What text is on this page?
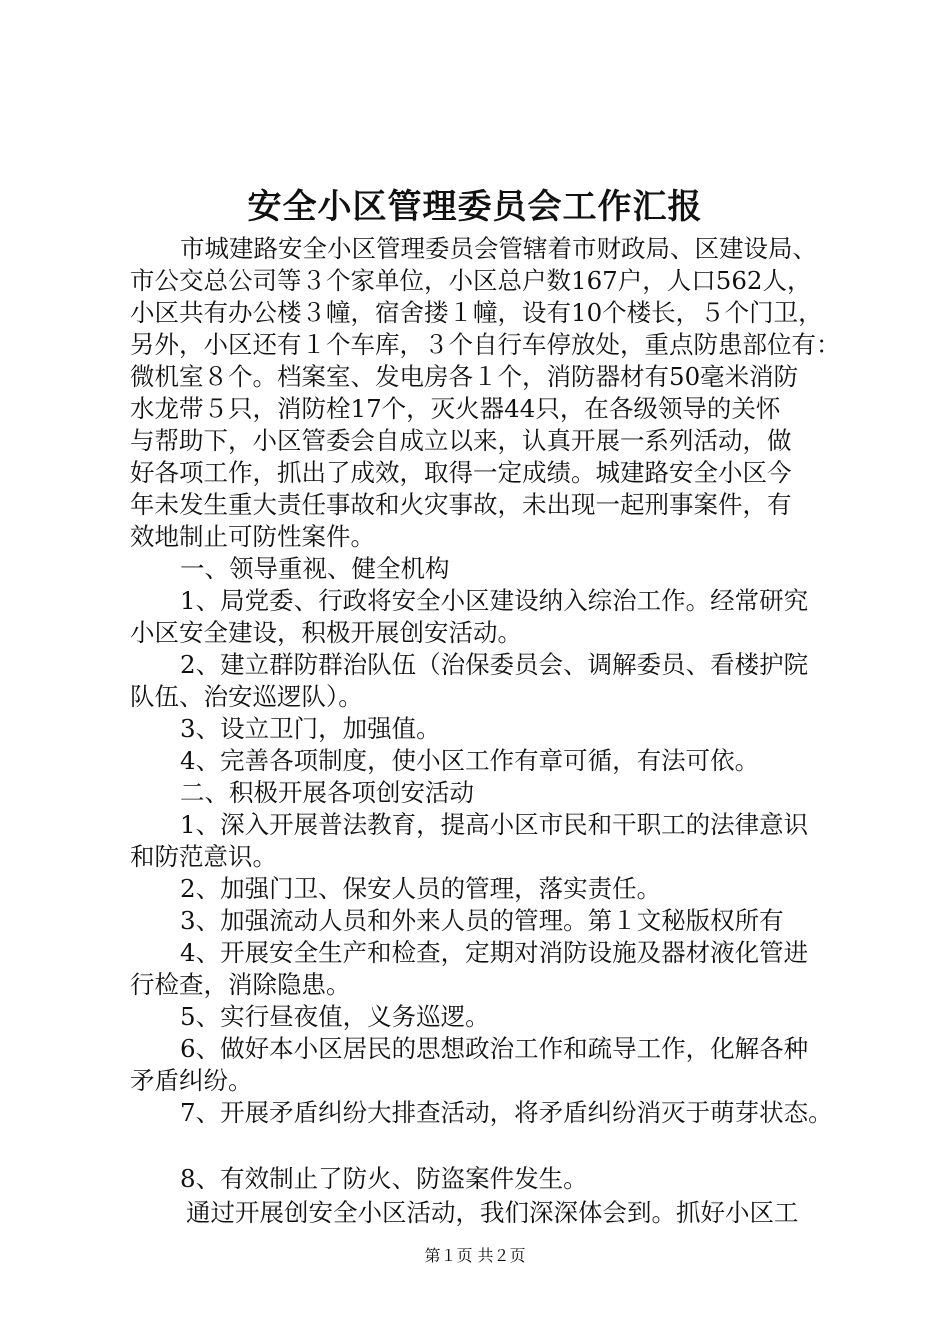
安全小区管理委员会工作汇报
市城建路安全小区管理委员会管辖着市财政局、区建设局、
市公交总公司等３个家单位，小区总户数167户，人口562人，
小区共有办公楼３幢，宿舍搂１幢，设有10个楼长，５个门卫，
另外，小区还有１个车库，３个自行车停放处，重点防患部位有：
微机室８个。档案室、发电房各１个，消防器材有50毫米消防
水龙带５只，消防栓17个，灭火器44只，在各级领导的关怀
与帮助下，小区管委会自成立以来，认真开展一系列活动，做
好各项工作，抓出了成效，取得一定成绩。城建路安全小区今
年未发生重大责任事故和火灾事故，未出现一起刑事案件，有
效地制止可防性案件。
一、领导重视、健全机构
1、局党委、行政将安全小区建设纳入综治工作。经常研究
小区安全建设，积极开展创安活动。
2、建立群防群治队伍（治保委员会、调解委员、看楼护院
队伍、治安巡逻队）。
3、设立卫门，加强值。
4、完善各项制度，使小区工作有章可循，有法可依。
二、积极开展各项创安活动
1、深入开展普法教育，提高小区市民和干职工的法律意识
和防范意识。
2、加强门卫、保安人员的管理，落实责任。
3、加强流动人员和外来人员的管理。第１文秘版权所有
4、开展安全生产和检查，定期对消防设施及器材液化管进
行检查，消除隐患。
5、实行昼夜值，义务巡逻。
6、做好本小区居民的思想政治工作和疏导工作，化解各种
矛盾纠纷。
7、开展矛盾纠纷大排查活动，将矛盾纠纷消灭于萌芽状态。
8、有效制止了防火、防盗案件发生。
通过开展创安全小区活动，我们深深体会到。抓好小区工
第１页 共２页
